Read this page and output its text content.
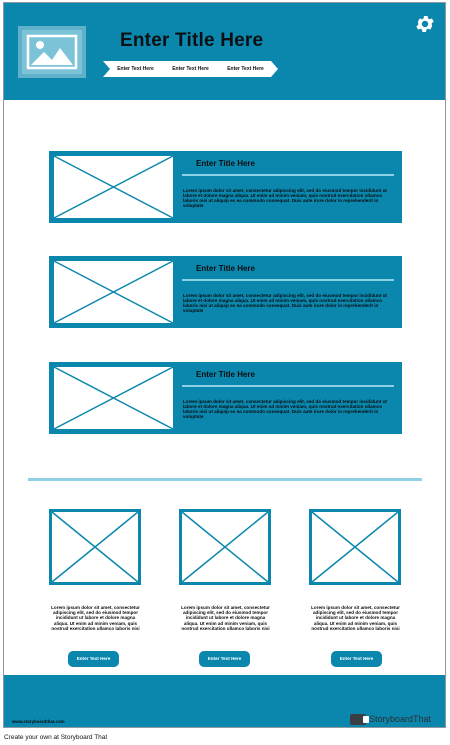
Enter Title Here
Enter Text Here	Enter Text Here	Enter Text Here
Enter Title Here
Lorem ipsum dolor sit amet, consectetur adipiscing elit, sed do eiusmod tempor incididunt ut labore et dolore magna aliqua. Ut enim ad minim veniam, quis nostrud exercitation ullamco laboris nisi ut aliquip ex ea commodo consequat. Duis aute irure dolor in reprehenderit in voluptate
Enter Title Here
Lorem ipsum dolor sit amet, consectetur adipiscing elit, sed do eiusmod tempor incididunt ut labore et dolore magna aliqua. Ut enim ad minim veniam, quis nostrud exercitation ullamco laboris nisi ut aliquip ex ea commodo consequat. Duis aute irure dolor in reprehenderit in voluptate
Enter Title Here
Lorem ipsum dolor sit amet, consectetur adipiscing elit, sed do eiusmod tempor incididunt ut labore et dolore magna aliqua. Ut enim ad minim veniam, quis nostrud exercitation ullamco laboris nisi ut aliquip ex ea commodo consequat. Duis aute irure dolor in reprehenderit in voluptate
Lorem ipsum dolor sit amet, consectetur adipiscing elit, sed do eiusmod tempor incididunt ut labore et dolore magna aliqua. Ut enim ad minim veniam, quis nostrud exercitation ullamco laboris nisi
Enter Text Here
Lorem ipsum dolor sit amet, consectetur adipiscing elit, sed do eiusmod tempor incididunt ut labore et dolore magna aliqua. Ut enim ad minim veniam, quis nostrud exercitation ullamco laboris nisi
Enter Text Here
Lorem ipsum dolor sit amet, consectetur adipiscing elit, sed do eiusmod tempor incididunt ut labore et dolore magna aliqua. Ut enim ad minim veniam, quis nostrud exercitation ullamco laboris nisi
Enter Text Here
www.storyboardthat.com	StoryboardThat
Create your own at Storyboard That
